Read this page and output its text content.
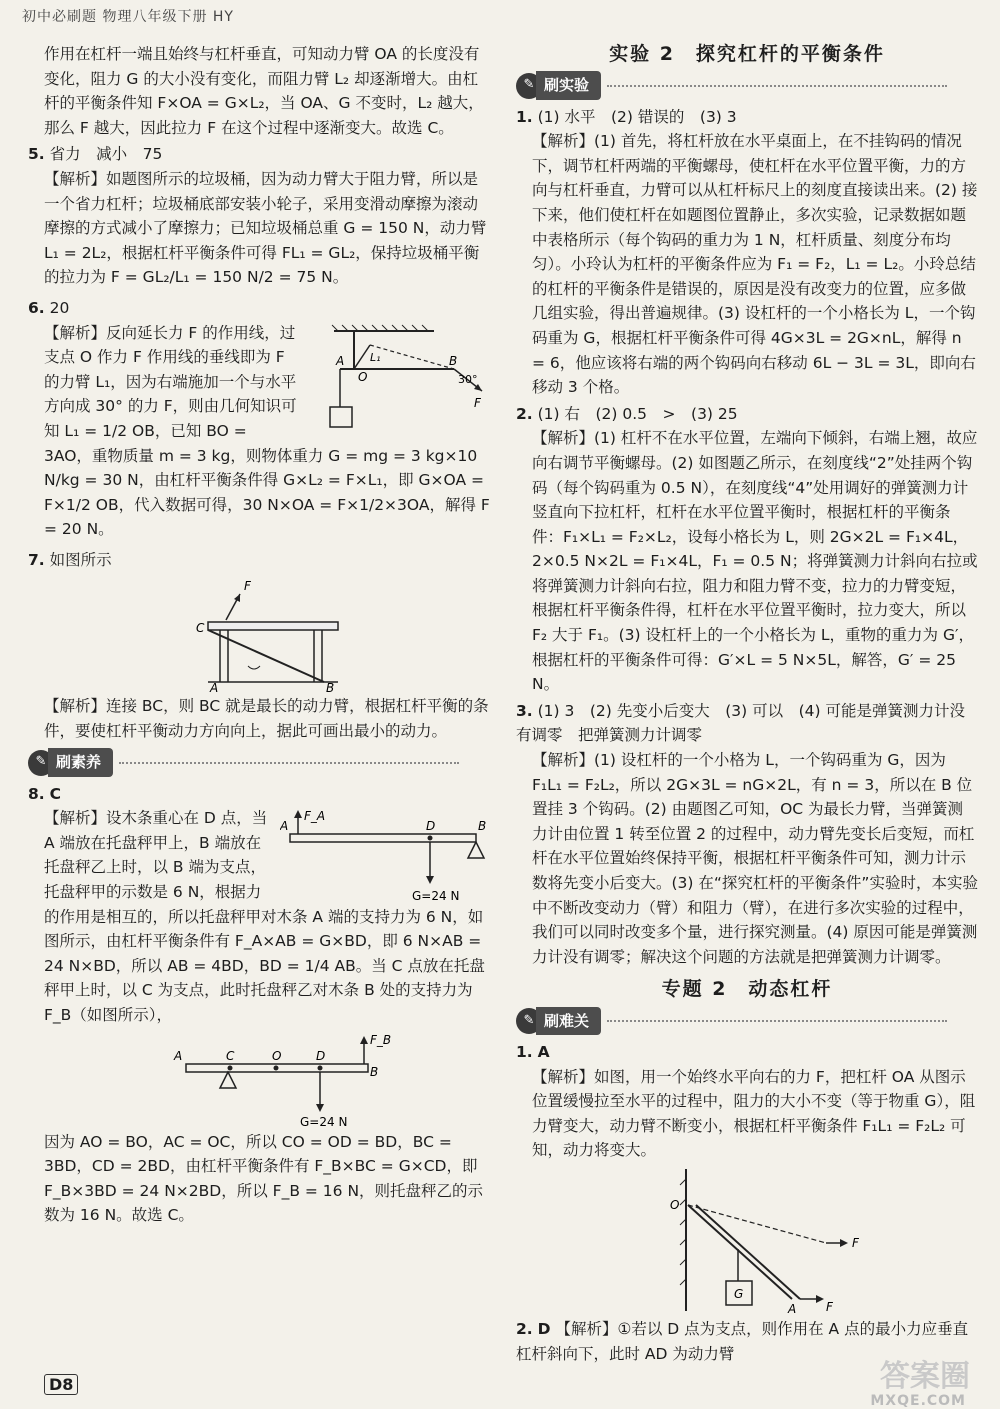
初中必刷题 物理八年级下册 HY

作用在杠杆一端且始终与杠杆垂直，可知动力臂 OA 的长度没有变化，阻力 G 的大小没有变化，而阻力臂 L₂ 却逐渐增大。由杠杆的平衡条件知 F×OA = G×L₂，当 OA、G 不变时，L₂ 越大，那么 F 越大，因此拉力 F 在这个过程中逐渐变大。故选 C。

5. 省力　减小　75

【解析】如题图所示的垃圾桶，因为动力臂大于阻力臂，所以是一个省力杠杆；垃圾桶底部安装小轮子，采用变滑动摩擦为滚动摩擦的方式减小了摩擦力；已知垃圾桶总重 G = 150 N，动力臂 L₁ = 2L₂，根据杠杆平衡条件可得 FL₁ = GL₂，保持垃圾桶平衡的拉力为 F = GL₂/L₁ = 150 N/2 = 75 N。

6. 20

A
O
B
L₁
30°
F

【解析】反向延长力 F 的作用线，过支点 O 作力 F 作用线的垂线即为 F 的力臂 L₁，因为右端施加一个与水平方向成 30° 的力 F，则由几何知识可知 L₁ = 1/2 OB，已知 BO = 3AO，重物质量 m = 3 kg，则物体重力 G = mg = 3 kg×10 N/kg = 30 N，由杠杆平衡条件得 G×L₂ = F×L₁，即 G×OA = F×1/2 OB，代入数据可得，30 N×OA = F×1/2×3OA，解得 F = 20 N。

7. 如图所示

F
C
A	B

【解析】连接 BC，则 BC 就是最长的动力臂，根据杠杆平衡的条件，要使杠杆平衡动力方向向上，据此可画出最小的动力。

✎ 刷素养

8. C

F_A
A	D	B
G=24 N

【解析】设木条重心在 D 点，当 A 端放在托盘秤甲上，B 端放在托盘秤乙上时，以 B 端为支点，托盘秤甲的示数是 6 N，根据力的作用是相互的，所以托盘秤甲对木条 A 端的支持力为 6 N，如图所示，由杠杆平衡条件有 F_A×AB = G×BD，即 6 N×AB = 24 N×BD，所以 AB = 4BD，BD = 1/4 AB。当 C 点放在托盘秤甲上时，以 C 为支点，此时托盘秤乙对木条 B 处的支持力为 F_B（如图所示），

F_B
A	C	O	D
B
G=24 N

因为 AO = BO，AC = OC，所以 CO = OD = BD，BC = 3BD，CD = 2BD，由杠杆平衡条件有 F_B×BC = G×CD，即 F_B×3BD = 24 N×2BD，所以 F_B = 16 N，则托盘秤乙的示数为 16 N。故选 C。

实验 2　探究杠杆的平衡条件

✎ 刷实验

1. (1) 水平　(2) 错误的　(3) 3

【解析】(1) 首先，将杠杆放在水平桌面上，在不挂钩码的情况下，调节杠杆两端的平衡螺母，使杠杆在水平位置平衡，力的方向与杠杆垂直，力臂可以从杠杆标尺上的刻度直接读出来。(2) 接下来，他们使杠杆在如题图位置静止，多次实验，记录数据如题中表格所示（每个钩码的重力为 1 N，杠杆质量、刻度分布均匀）。小玲认为杠杆的平衡条件应为 F₁ = F₂，L₁ = L₂。小玲总结的杠杆的平衡条件是错误的，原因是没有改变力的位置，应多做几组实验，得出普遍规律。(3) 设杠杆的一个小格长为 L，一个钩码重为 G，根据杠杆平衡条件可得 4G×3L = 2G×nL，解得 n = 6，他应该将右端的两个钩码向右移动 6L − 3L = 3L，即向右移动 3 个格。

2. (1) 右　(2) 0.5　>　(3) 25

【解析】(1) 杠杆不在水平位置，左端向下倾斜，右端上翘，故应向右调节平衡螺母。(2) 如图题乙所示，在刻度线“2”处挂两个钩码（每个钩码重为 0.5 N），在刻度线“4”处用调好的弹簧测力计竖直向下拉杠杆，杠杆在水平位置平衡时，根据杠杆的平衡条件：F₁×L₁ = F₂×L₂，设每小格长为 L，则 2G×2L = F₁×4L，2×0.5 N×2L = F₁×4L，F₁ = 0.5 N；将弹簧测力计斜向右拉或将弹簧测力计斜向右拉，阻力和阻力臂不变，拉力的力臂变短，根据杠杆平衡条件得，杠杆在水平位置平衡时，拉力变大，所以 F₂ 大于 F₁。(3) 设杠杆上的一个小格长为 L，重物的重力为 G′，根据杠杆的平衡条件可得：G′×L = 5 N×5L，解答，G′ = 25 N。

3. (1) 3　(2) 先变小后变大　(3) 可以　(4) 可能是弹簧测力计没有调零　把弹簧测力计调零

【解析】(1) 设杠杆的一个小格为 L，一个钩码重为 G，因为 F₁L₁ = F₂L₂，所以 2G×3L = nG×2L，有 n = 3，所以在 B 位置挂 3 个钩码。(2) 由题图乙可知，OC 为最长力臂，当弹簧测力计由位置 1 转至位置 2 的过程中，动力臂先变长后变短，而杠杆在水平位置始终保持平衡，根据杠杆平衡条件可知，测力计示数将先变小后变大。(3) 在“探究杠杆的平衡条件”实验时，本实验中不断改变动力（臂）和阻力（臂），在进行多次实验的过程中，我们可以同时改变多个量，进行探究测量。(4) 原因可能是弹簧测力计没有调零；解决这个问题的方法就是把弹簧测力计调零。

专题 2　动态杠杆

✎ 刷难关

1. A

【解析】如图，用一个始终水平向右的力 F，把杠杆 OA 从图示位置缓慢拉至水平的过程中，阻力的大小不变（等于物重 G），阻力臂变大，动力臂不断变小，根据杠杆平衡条件 F₁L₁ = F₂L₂ 可知，动力将变大。

O
F
G
A F

2. D 【解析】①若以 D 点为支点，则作用在 A 点的最小力应垂直杠杆斜向下，此时 AD 为动力臂

D8	答案圈
MXQE.COM
